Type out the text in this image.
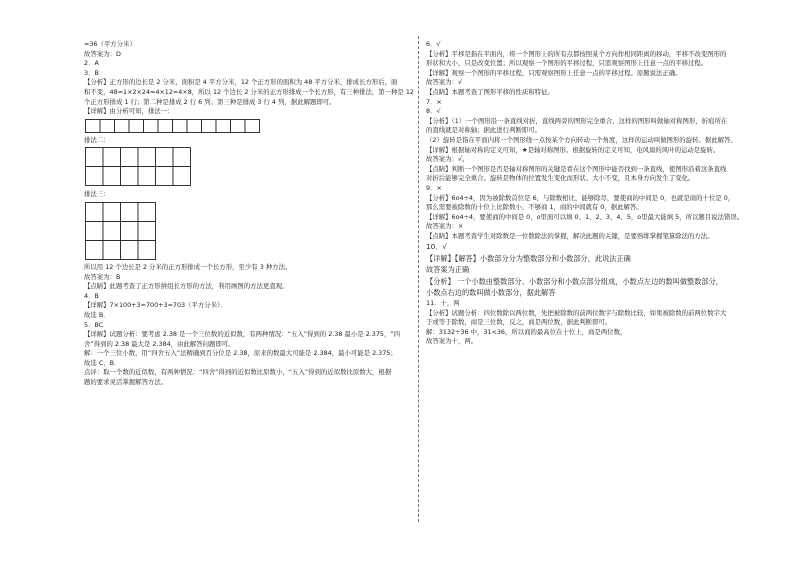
=36（平方分米）
故答案为：D
2．A
3．B
【分析】正方形的边长是 2 分米，面积是 4 平方分米，12 个正方形的面积为 48 平方分米，排成长方形后，面
积不变，48=1×2×24=4×12=4×8，所以 12 个边长 2 分米的正方形排成一个长方形，有三种排法，第一种是 12
个正方形排成 1 行；第二种是排成 2 行 6 列；第三种是排成 3 行 4 列，据此解题即可。
【详解】由分析可知，排法一：
排法二：
排法三：
所以用 12 个边长是 2 分米的正方形排成一个长方形，至少有 3 种方法。
故答案为：B
【点睛】此题考查了正方形拼组长方形的方法，利用画图的方法更直观。
4．B
【详解】7×100+3=700+3=703（平方分米）．
故选 B．
5．BC
【详解】试题分析：要考虑 2.38 是一个三位数的近似数，有两种情况：“五入”得到的 2.38 最小是 2.375，“四
舍”得到的 2.38 最大是 2.384，由此解答问题即可。
解：一个三位小数，用“四舍五入”法精确到百分位是 2.38，原来的数最大可能是 2.384，最小可能是 2.375；
故选 C，B．
点评：取一个数的近似数，有两种情况：“四舍”得到的近似数比原数小，“五入”得到的近似数比原数大，根据
题的要求灵活掌握解答方法。
6．√
【分析】平移是指在平面内，将一个图形上的所有点都按照某个方向作相同距离的移动，平移不改变图形的
形状和大小，只是改变位置；所以观察一个图形的平移过程，只需观察图形上任意一点的平移过程。
【详解】观察一个图形的平移过程，只需观察图形上任意一点的平移过程。原题说法正确。
故答案为：√
【点睛】本题考查了图形平移的性质和特征。
7．×
8．√
【分析】（1）一个图形沿一条直线对折，直线两旁的图形完全重合，这样的图形叫做轴对称图形，折痕所在
的直线就是对称轴；据此进行判断即可。
（2）旋转是指在平面内将一个图形绕一点按某个方向转动一个角度，这样的运动叫做图形的旋转。据此解答。
【详解】根据轴对称的定义可知，★是轴对称图形。根据旋转的定义可知，电风扇的风叶的运动是旋转。
故答案为：√。
【点睛】判断一个图形是否是轴对称图形的关键是看在这个图形中能否找到一条直线，使图形沿着这条直线
对折后能够完全重合。旋转是物体的位置发生变化而形状、大小不变，且本身方向发生了变化。
9．×
【分析】6o4÷4，因为被除数首位是 6，与除数相比，能够除尽，要使商的中间是 0，也就是商的十位是 0，
那么需要被除数的十位上比除数小，不够商 1，商的中间就有 0，据此解答。
【详解】6o4÷4，要使商的中间是 0，o里面可以填 0、1、2、3、4、5，o里最大能填 5，所以题目说法错误。
故答案为：×
【点睛】本题考查学生对除数是一位数除法的掌握，解决此题的关键，是要熟练掌握笔算除法的方法。
10．√
【详解】【解答】小数部分分为整数部分和小数部分，此说法正确
故答案为正确
【分析】 一个小数由整数部分、小数部分和小数点部分组成，小数点左边的数叫做整数部分，
小数点右边的数叫做小数部分，据此解答
11．十，两
【分析】试题分析：四位数除以两位数，先把被除数的前两位数字与除数比较，如果被除数的前两位数字大
于或等于除数，商是三位数，反之，商是两位数，据此判断即可。
解：3132÷36 中，31<36，所以商的最高位在十位上，商是两位数，
故答案为十，两。
